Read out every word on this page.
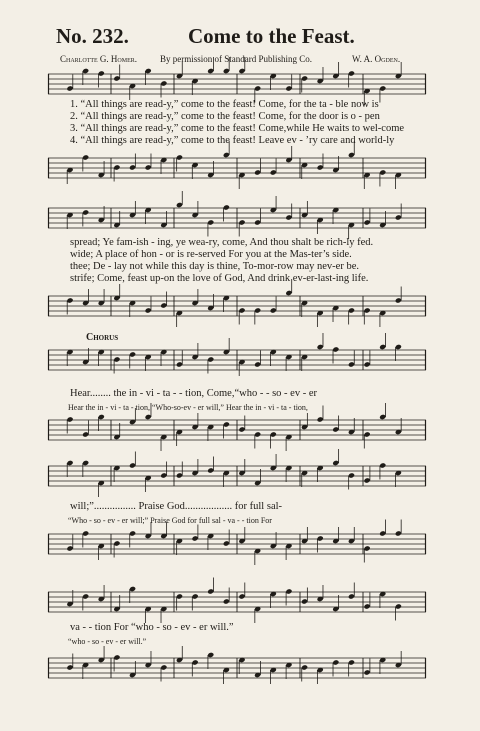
No. 232.	Come to the Feast.
Charlotte G. Homer.	By permission of Standard Publishing Co.	W. A. Ogden.
1. “All things are read-y,” come to the feast! Come, for the ta - ble now is
2. “All things are read-y,” come to the feast! Come, for the door is o - pen
3. “All things are read-y,” come to the feast! Come,while He waits to wel-come
4. “All things are read-y,” come to the feast! Leave ev - ’ry care and world-ly
spread; Ye fam-ish - ing, ye wea-ry, come, And thou shalt be rich-ly fed.
wide; A place of hon - or is re-served For you at the Mas-ter’s side.
thee; De - lay not while this day is thine, To-mor-row may nev-er be.
strife; Come, feast up-on the love of God, And drink ev-er-last-ing life.
Chorus
Hear........ the in - vi - ta - - tion, Come,“who - - so - ev - er
Hear the in - vi - ta - tion, “Who-so-ev - er will,” Hear the in - vi - ta - tion,
will;”................ Praise God.................. for full sal-
“Who - so - ev - er will;” Praise God for full sal - va - - tion For
va - - tion For “who - so - ev - er will.”
“who - so - ev - er will.”
